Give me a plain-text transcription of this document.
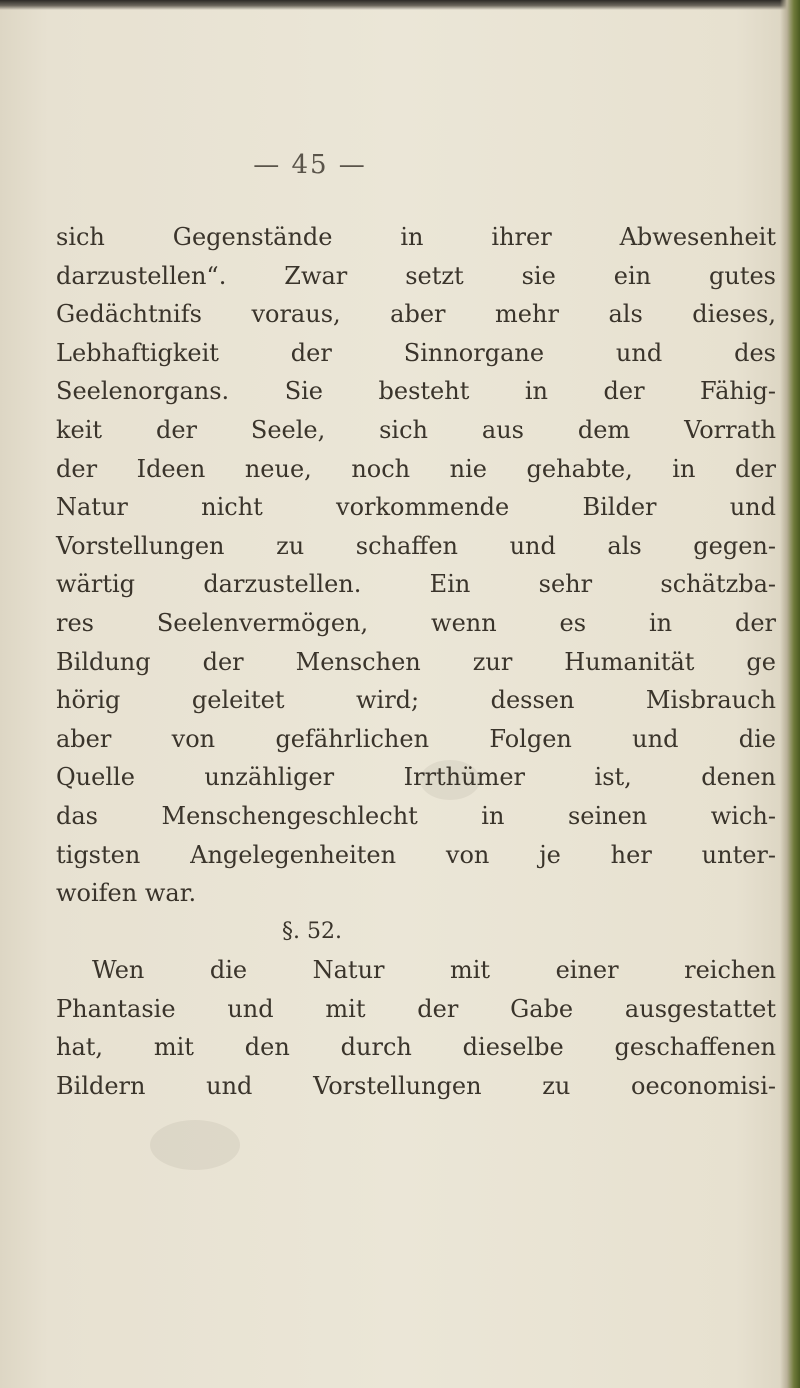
— 45 —
sich Gegenstände in ihrer Abwesenheit
darzustellen“. Zwar setzt sie ein gutes
Gedächtnifs voraus, aber mehr als dieses,
Lebhaftigkeit der Sinnorgane und des
Seelenorgans. Sie besteht in der Fähig-
keit der Seele, sich aus dem Vorrath
der Ideen neue, noch nie gehabte, in der
Natur nicht vorkommende Bilder und
Vorstellungen zu schaffen und als gegen-
wärtig darzustellen. Ein sehr schätzba-
res Seelenvermögen, wenn es in der
Bildung der Menschen zur Humanität ge
hörig geleitet wird; dessen Misbrauch
aber von gefährlichen Folgen und die
Quelle unzähliger Irrthümer ist, denen
das Menschengeschlecht in seinen wich-
tigsten Angelegenheiten von je her unter-
woifen war.
§. 52.
Wen die Natur mit einer reichen
Phantasie und mit der Gabe ausgestattet
hat, mit den durch dieselbe geschaffenen
Bildern und Vorstellungen zu oeconomisi-
